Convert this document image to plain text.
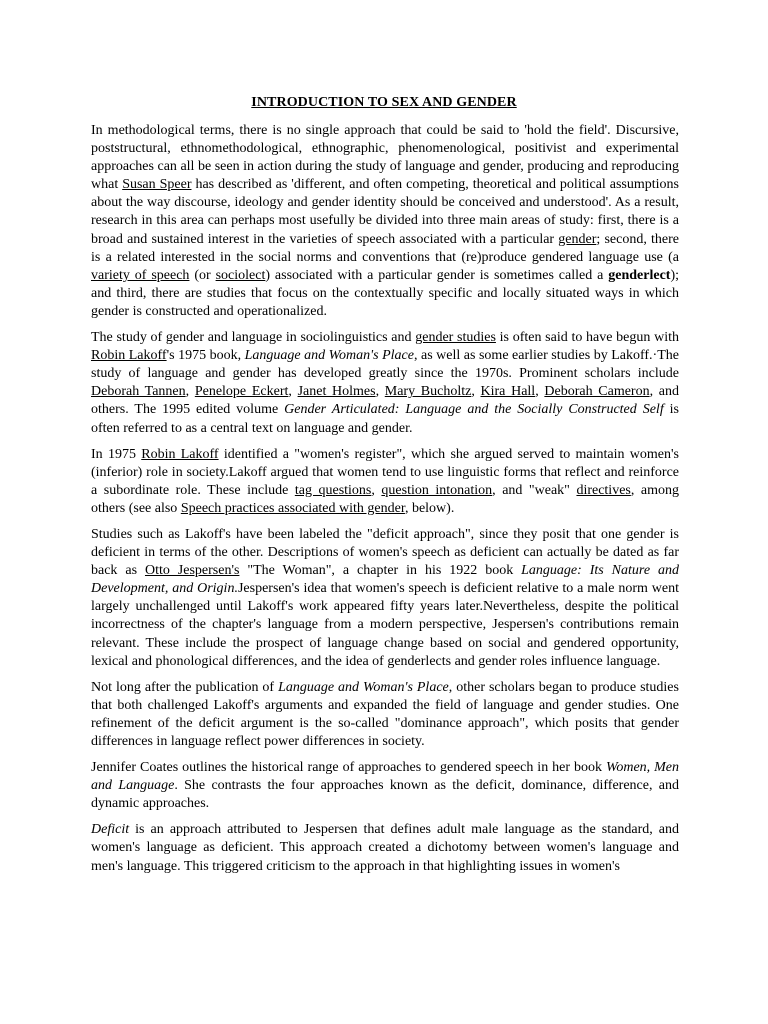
INTRODUCTION TO SEX AND GENDER

In methodological terms, there is no single approach that could be said to 'hold the field'. Discursive, poststructural, ethnomethodological, ethnographic, phenomenological, positivist and experimental approaches can all be seen in action during the study of language and gender, producing and reproducing what Susan Speer has described as 'different, and often competing, theoretical and political assumptions about the way discourse, ideology and gender identity should be conceived and understood'. As a result, research in this area can perhaps most usefully be divided into three main areas of study: first, there is a broad and sustained interest in the varieties of speech associated with a particular gender; second, there is a related interested in the social norms and conventions that (re)produce gendered language use (a variety of speech (or sociolect) associated with a particular gender is sometimes called a genderlect); and third, there are studies that focus on the contextually specific and locally situated ways in which gender is constructed and operationalized.

The study of gender and language in sociolinguistics and gender studies is often said to have begun with Robin Lakoff's 1975 book, Language and Woman's Place, as well as some earlier studies by Lakoff.·The study of language and gender has developed greatly since the 1970s. Prominent scholars include Deborah Tannen, Penelope Eckert, Janet Holmes, Mary Bucholtz, Kira Hall, Deborah Cameron, and others. The 1995 edited volume Gender Articulated: Language and the Socially Constructed Self is often referred to as a central text on language and gender.

In 1975 Robin Lakoff identified a "women's register", which she argued served to maintain women's (inferior) role in society.Lakoff argued that women tend to use linguistic forms that reflect and reinforce a subordinate role. These include tag questions, question intonation, and "weak" directives, among others (see also Speech practices associated with gender, below).

Studies such as Lakoff's have been labeled the "deficit approach", since they posit that one gender is deficient in terms of the other. Descriptions of women's speech as deficient can actually be dated as far back as Otto Jespersen's "The Woman", a chapter in his 1922 book Language: Its Nature and Development, and Origin.Jespersen's idea that women's speech is deficient relative to a male norm went largely unchallenged until Lakoff's work appeared fifty years later.Nevertheless, despite the political incorrectness of the chapter's language from a modern perspective, Jespersen's contributions remain relevant. These include the prospect of language change based on social and gendered opportunity, lexical and phonological differences, and the idea of genderlects and gender roles influence language.

Not long after the publication of Language and Woman's Place, other scholars began to produce studies that both challenged Lakoff's arguments and expanded the field of language and gender studies. One refinement of the deficit argument is the so-called "dominance approach", which posits that gender differences in language reflect power differences in society.

Jennifer Coates outlines the historical range of approaches to gendered speech in her book Women, Men and Language. She contrasts the four approaches known as the deficit, dominance, difference, and dynamic approaches.

Deficit is an approach attributed to Jespersen that defines adult male language as the standard, and women's language as deficient. This approach created a dichotomy between women's language and men's language. This triggered criticism to the approach in that highlighting issues in women's
